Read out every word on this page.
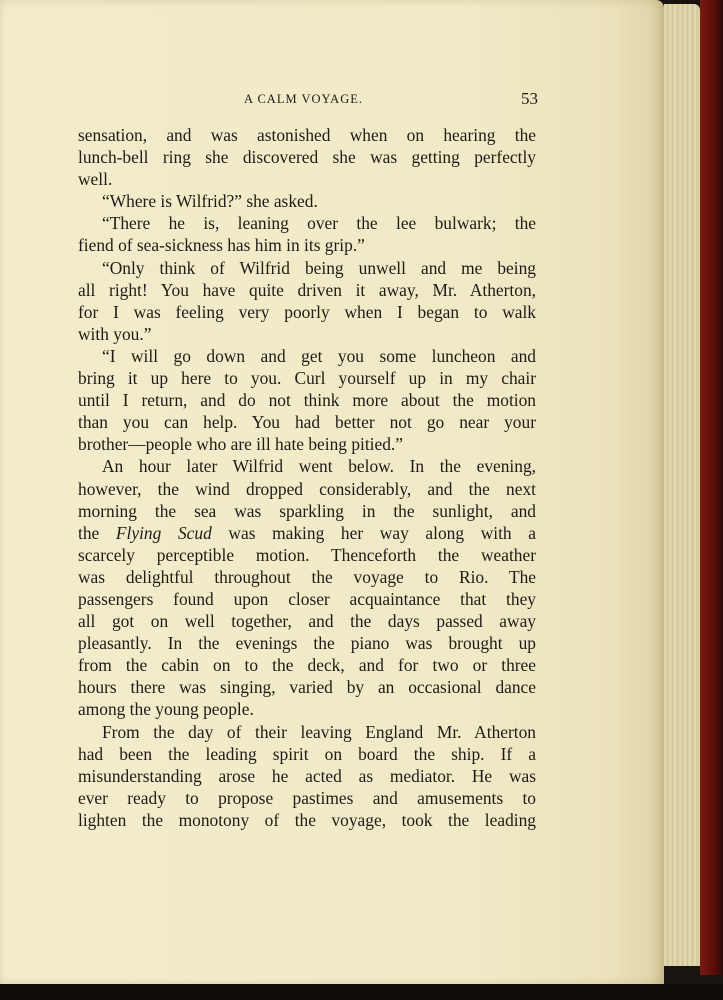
A CALM VOYAGE.	53
sensation, and was astonished when on hearing the
lunch-bell ring she discovered she was getting perfectly
well.
“Where is Wilfrid?” she asked.
“There he is, leaning over the lee bulwark; the
fiend of sea-sickness has him in its grip.”
“Only think of Wilfrid being unwell and me being
all right! You have quite driven it away, Mr. Atherton,
for I was feeling very poorly when I began to walk
with you.”
“I will go down and get you some luncheon and
bring it up here to you. Curl yourself up in my chair
until I return, and do not think more about the motion
than you can help. You had better not go near your
brother—people who are ill hate being pitied.”
An hour later Wilfrid went below. In the evening,
however, the wind dropped considerably, and the next
morning the sea was sparkling in the sunlight, and
the Flying Scud was making her way along with a
scarcely perceptible motion. Thenceforth the weather
was delightful throughout the voyage to Rio. The
passengers found upon closer acquaintance that they
all got on well together, and the days passed away
pleasantly. In the evenings the piano was brought up
from the cabin on to the deck, and for two or three
hours there was singing, varied by an occasional dance
among the young people.
From the day of their leaving England Mr. Atherton
had been the leading spirit on board the ship. If a
misunderstanding arose he acted as mediator. He was
ever ready to propose pastimes and amusements to
lighten the monotony of the voyage, took the leading
